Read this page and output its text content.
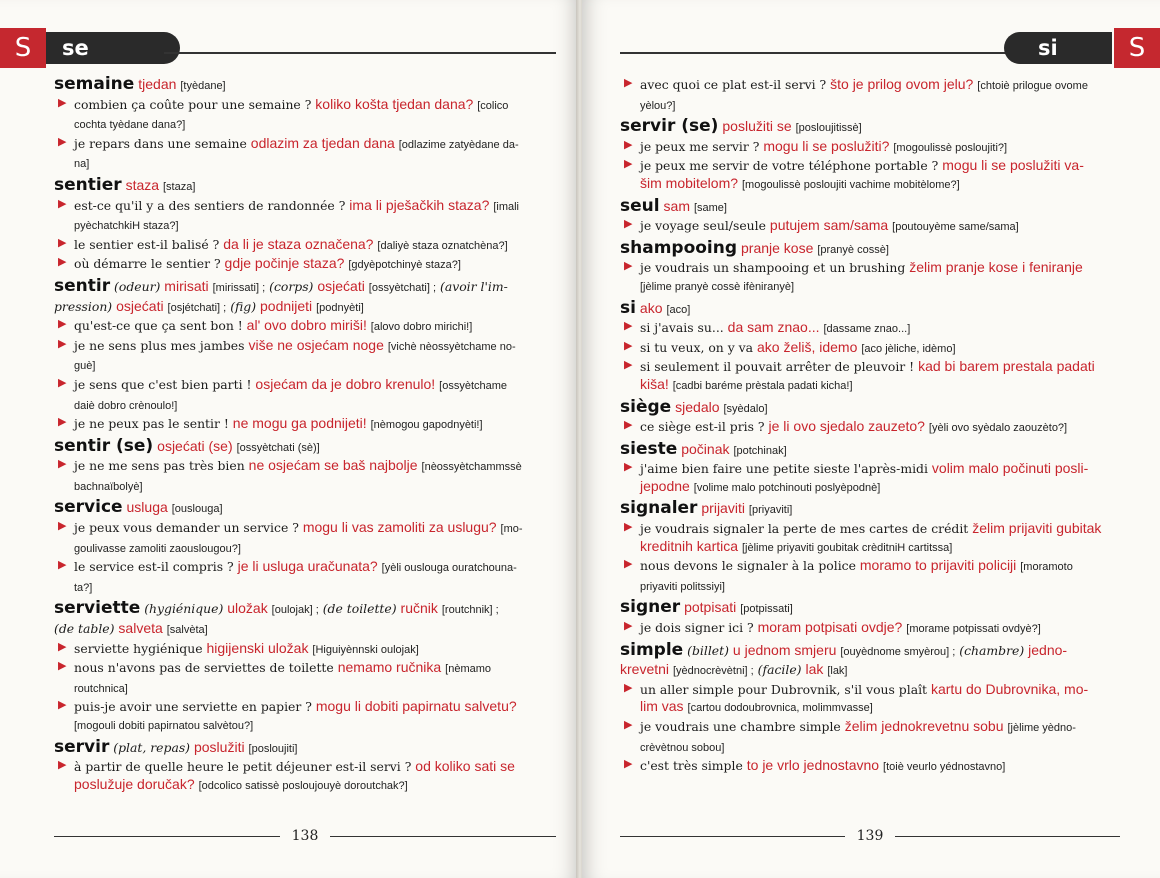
S	se
semaine tjedan [tyèdane]
▶ combien ça coûte pour une semaine ? koliko košta tjedan dana? [colico
cochta tyèdane dana?]
▶ je repars dans une semaine odlazim za tjedan dana [odlazime zatyèdane da-
na]
sentier staza [staza]
▶ est-ce qu'il y a des sentiers de randonnée ? ima li pješačkih staza? [imali
pyèchatchkiH staza?]
▶ le sentier est-il balisé ? da li je staza označena? [daliyè staza oznatchèna?]
▶ où démarre le sentier ? gdje počinje staza? [gdyèpotchinyè staza?]
sentir (odeur) mirisati [mirissati] ; (corps) osjećati [ossyètchati] ; (avoir l'im-
pression) osjećati [osjétchati] ; (fig) podnijeti [podnyèti]
▶ qu'est-ce que ça sent bon ! al' ovo dobro miriši! [alovo dobro mirichi!]
▶ je ne sens plus mes jambes više ne osjećam noge [vichè nèossyètchame no-
guè]
▶ je sens que c'est bien parti ! osjećam da je dobro krenulo! [ossyètchame
daiè dobro crènoulo!]
▶ je ne peux pas le sentir ! ne mogu ga podnijeti! [nèmogou gapodnyèti!]
sentir (se) osjećati (se) [ossyètchati (sè)]
▶ je ne me sens pas très bien ne osjećam se baš najbolje [nèossyètchammssè
bachnaïbolyè]
service usluga [ouslouga]
▶ je peux vous demander un service ? mogu li vas zamoliti za uslugu? [mo-
goulivasse zamoliti zaouslougou?]
▶ le service est-il compris ? je li usluga uračunata? [yèli ouslouga ouratchouna-
ta?]
serviette (hygiénique) uložak [oulojak] ; (de toilette) ručnik [routchnik] ;
(de table) salveta [salvèta]
▶ serviette hygiénique higijenski uložak [Higuiyènnski oulojak]
▶ nous n'avons pas de serviettes de toilette nemamo ručnika [nèmamo
routchnica]
▶ puis-je avoir une serviette en papier ? mogu li dobiti papirnatu salvetu?
[mogouli dobiti papirnatou salvètou?]
servir (plat, repas) poslužiti [posloujiti]
▶ à partir de quelle heure le petit déjeuner est-il servi ? od koliko sati se
poslužuje doručak? [odcolico satissè posloujouyè doroutchak?]
138
si	S
▶ avec quoi ce plat est-il servi ? što je prilog ovom jelu? [chtoiè prilogue ovome
yèlou?]
servir (se) poslužiti se [posloujitissè]
▶ je peux me servir ? mogu li se poslužiti? [mogoulissè posloujiti?]
▶ je peux me servir de votre téléphone portable ? mogu li se poslužiti va-
šim mobitelom? [mogoulissè posloujiti vachime mobitèlome?]
seul sam [same]
▶ je voyage seul/seule putujem sam/sama [poutouyème same/sama]
shampooing pranje kose [pranyè cossè]
▶ je voudrais un shampooing et un brushing želim pranje kose i feniranje
[jèlime pranyè cossè ifèniranyè]
si ako [aco]
▶ si j'avais su... da sam znao... [dassame znao...]
▶ si tu veux, on y va ako želiš, idemo [aco jèliche, idèmo]
▶ si seulement il pouvait arrêter de pleuvoir ! kad bi barem prestala padati
kiša! [cadbi baréme prèstala padati kicha!]
siège sjedalo [syèdalo]
▶ ce siège est-il pris ? je li ovo sjedalo zauzeto? [yèli ovo syèdalo zaouzèto?]
sieste počinak [potchinak]
▶ j'aime bien faire une petite sieste l'après-midi volim malo počinuti posli-
jepodne [volime malo potchinouti poslyèpodnè]
signaler prijaviti [priyaviti]
▶ je voudrais signaler la perte de mes cartes de crédit želim prijaviti gubitak
kreditnih kartica [jèlime priyaviti goubitak crèditniH cartitssa]
▶ nous devons le signaler à la police moramo to prijaviti policiji [moramoto
priyaviti politssiyi]
signer potpisati [potpissati]
▶ je dois signer ici ? moram potpisati ovdje? [morame potpissati ovdyè?]
simple (billet) u jednom smjeru [ouyèdnome smyèrou] ; (chambre) jedno-
krevetni [yèdnocrèvètni] ; (facile) lak [lak]
▶ un aller simple pour Dubrovnik, s'il vous plaît kartu do Dubrovnika, mo-
lim vas [cartou dodoubrovnica, molimmvasse]
▶ je voudrais une chambre simple želim jednokrevetnu sobu [jèlime yèdno-
crèvètnou sobou]
▶ c'est très simple to je vrlo jednostavno [toiè veurlo yédnostavno]
139
